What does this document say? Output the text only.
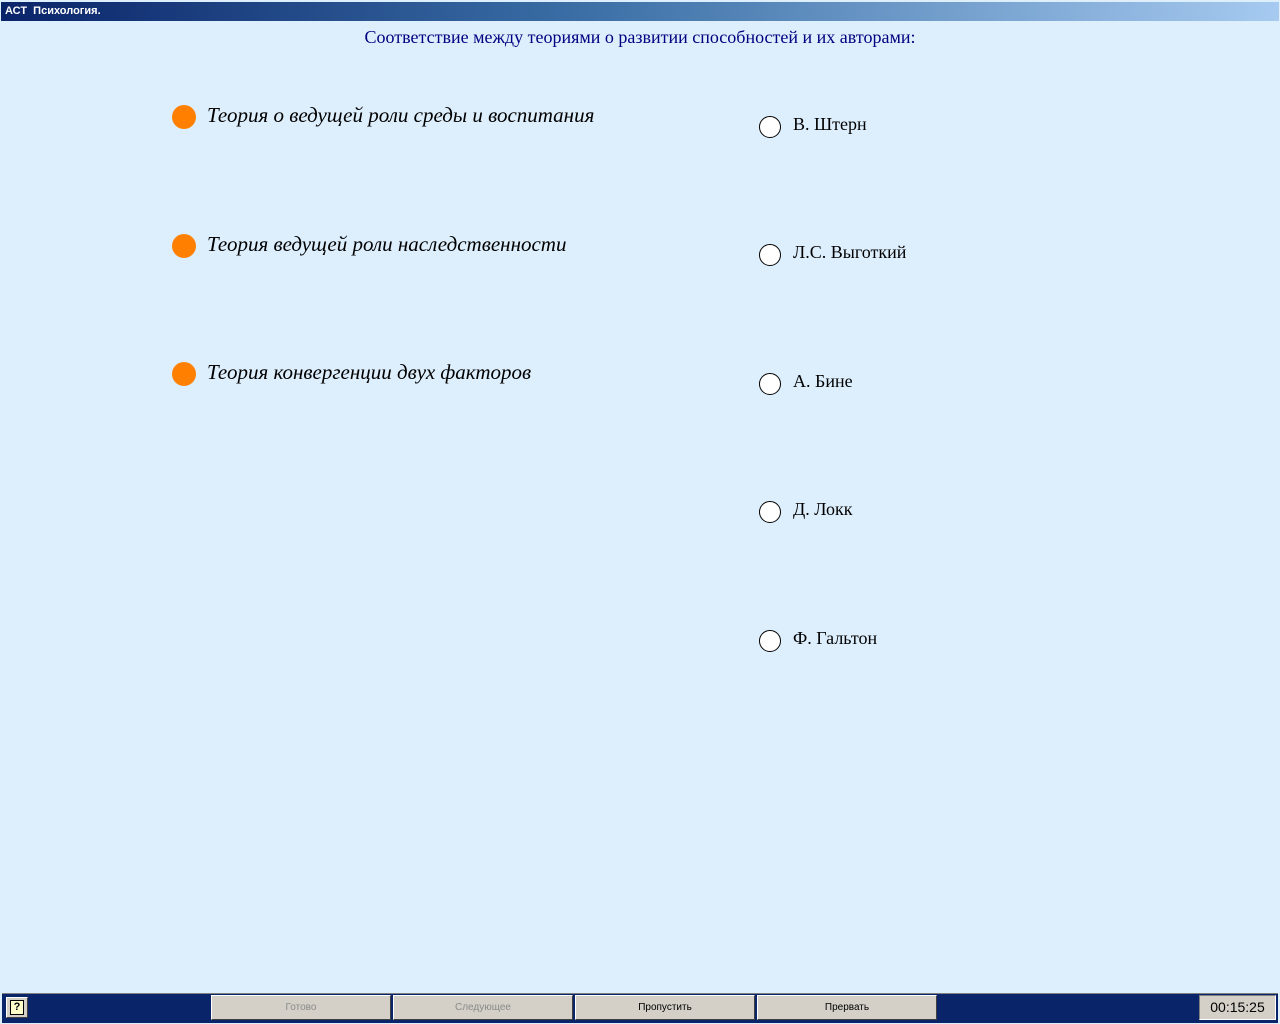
АСТ  Психология.
Соответствие между теориями о развитии способностей и их авторами:
Теория о ведущей роли среды и воспитания
Теория ведущей роли наследственности
Теория конвергенции двух факторов
В. Штерн
Л.С. Выготкий
А. Бине
Д. Локк
Ф. Гальтон
?	Готово	Следующее	Пропустить	Прервать	00:15:25
